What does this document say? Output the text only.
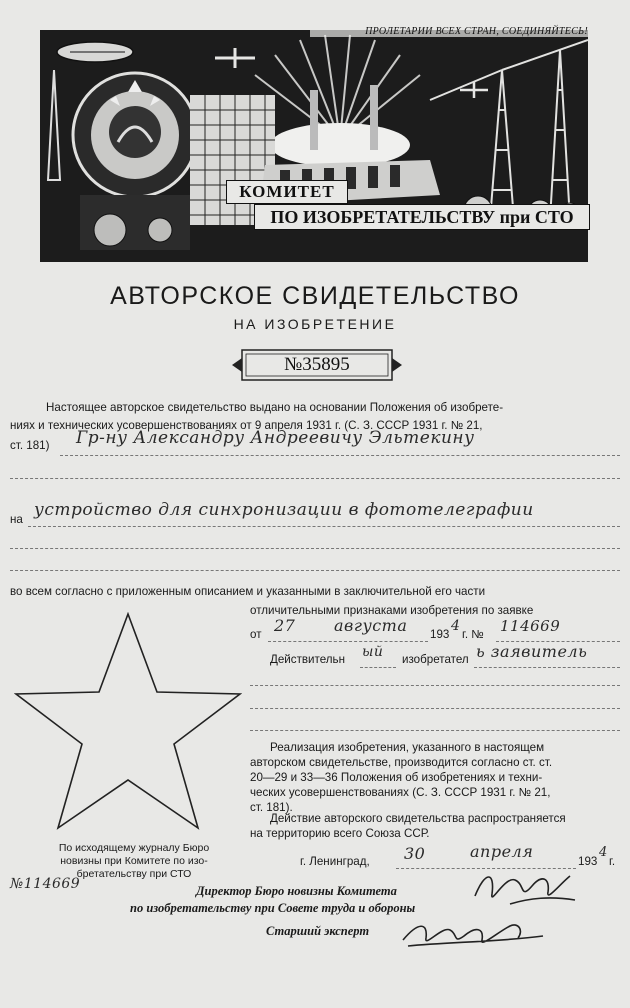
ПРОЛЕТАРИИ ВСЕХ СТРАН, СОЕДИНЯЙТЕСЬ!
КОМИТЕТ
ПО ИЗОБРЕТАТЕЛЬСТВУ при СТО
АВТОРСКОЕ СВИДЕТЕЛЬСТВО
НА ИЗОБРЕТЕНИЕ
№35895
Настоящее авторское свидетельство выдано на основании Положения об изобрете-
ниях и технических усовершенствованиях от 9 апреля 1931 г. (С. З. СССР 1931 г. № 21,
ст. 181) Гр-ну Александру Андреевичу Эльтекину
на устройство для синхронизации в фототелеграфии
во всем согласно с приложенным описанием и указанными в заключительной его части
отличительными признаками изобретения по заявке
от 27 августа 193
4
г. № 114669
Действительн ый изобретател ь заявитель
Реализация изобретения, указанного в настоящем
авторском свидетельстве, производится согласно ст. ст.
20—29 и 33—36 Положения об изобретениях и техни-
ческих усовершенствованиях (С. З. СССР 1931 г. № 21,
ст. 181).
Действие авторского свидетельства распространяется
на территорию всего Союза ССР.
По исходящему журналу Бюро
новизны при Комитете по изо-
бретательству при СТО
№114669
г. Ленинград, 30	апреля
193
4
г.
Директор Бюро новизны Комитета
по изобретательству при Совете труда и обороны
Старший эксперт
